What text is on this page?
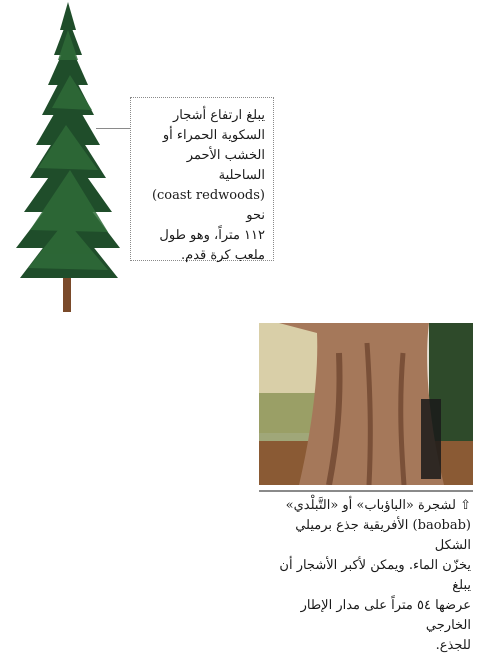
يبلغ ارتفاع أشجار
السكوية الحمراء أو
الخشب الأحمر الساحلية
(coast redwoods) نحو
١١٢ متراً، وهو طول
ملعب كرة قدم.
⇧ لشجرة «الباؤباب» أو «التَّبلْدي»
(baobab) الأفريقية جذع برميلي الشكل
يخزّن الماء. ويمكن لأكبر الأشجار أن يبلغ
عرضها ٥٤ متراً على مدار الإطار الخارجي
للجذع.
